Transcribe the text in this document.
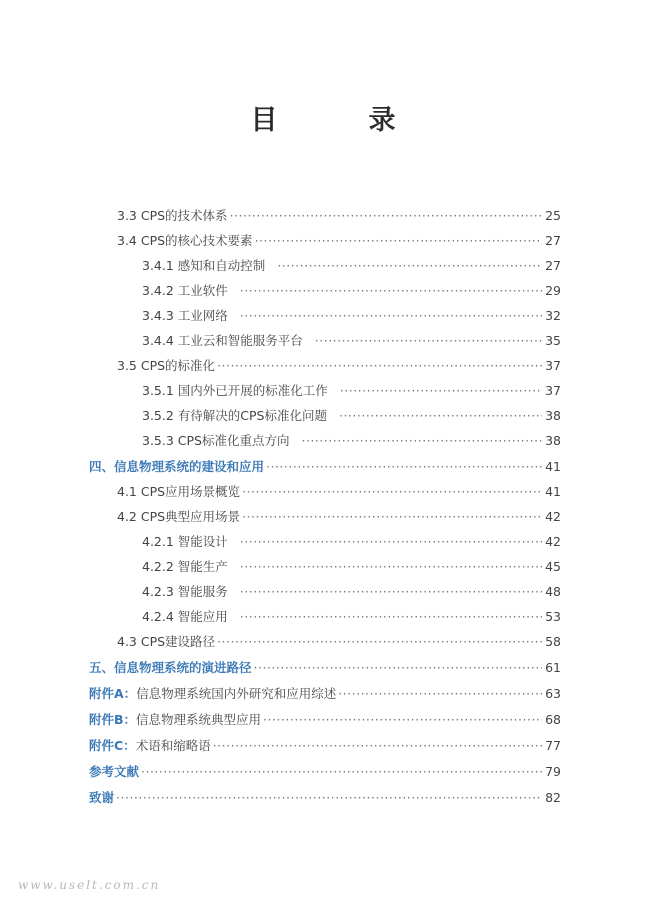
目　录
3.3 CPS的技术体系 ·····	25
3.4 CPS的核心技术要素 ·····	27
3.4.1 感知和自动控制 ·····	27
3.4.2 工业软件 ·····	29
3.4.3 工业网络 ·····	32
3.4.4 工业云和智能服务平台 ·····	35
3.5 CPS的标准化 ·····	37
3.5.1 国内外已开展的标准化工作 ·····	37
3.5.2 有待解决的CPS标准化问题 ·····	38
3.5.3 CPS标准化重点方向 ·····	38
四、信息物理系统的建设和应用 ·····	41
4.1 CPS应用场景概览 ·····	41
4.2 CPS典型应用场景 ·····	42
4.2.1 智能设计 ·····	42
4.2.2 智能生产 ·····	45
4.2.3 智能服务 ·····	48
4.2.4 智能应用 ·····	53
4.3 CPS建设路径 ·····	58
五、信息物理系统的演进路径 ·····	61
附件A： 信息物理系统国内外研究和应用综述 ·····	63
附件B： 信息物理系统典型应用 ·····	68
附件C： 术语和缩略语 ·····	77
参考文献 ·····	79
致谢 ·····	82
www.uselt.com.cn
